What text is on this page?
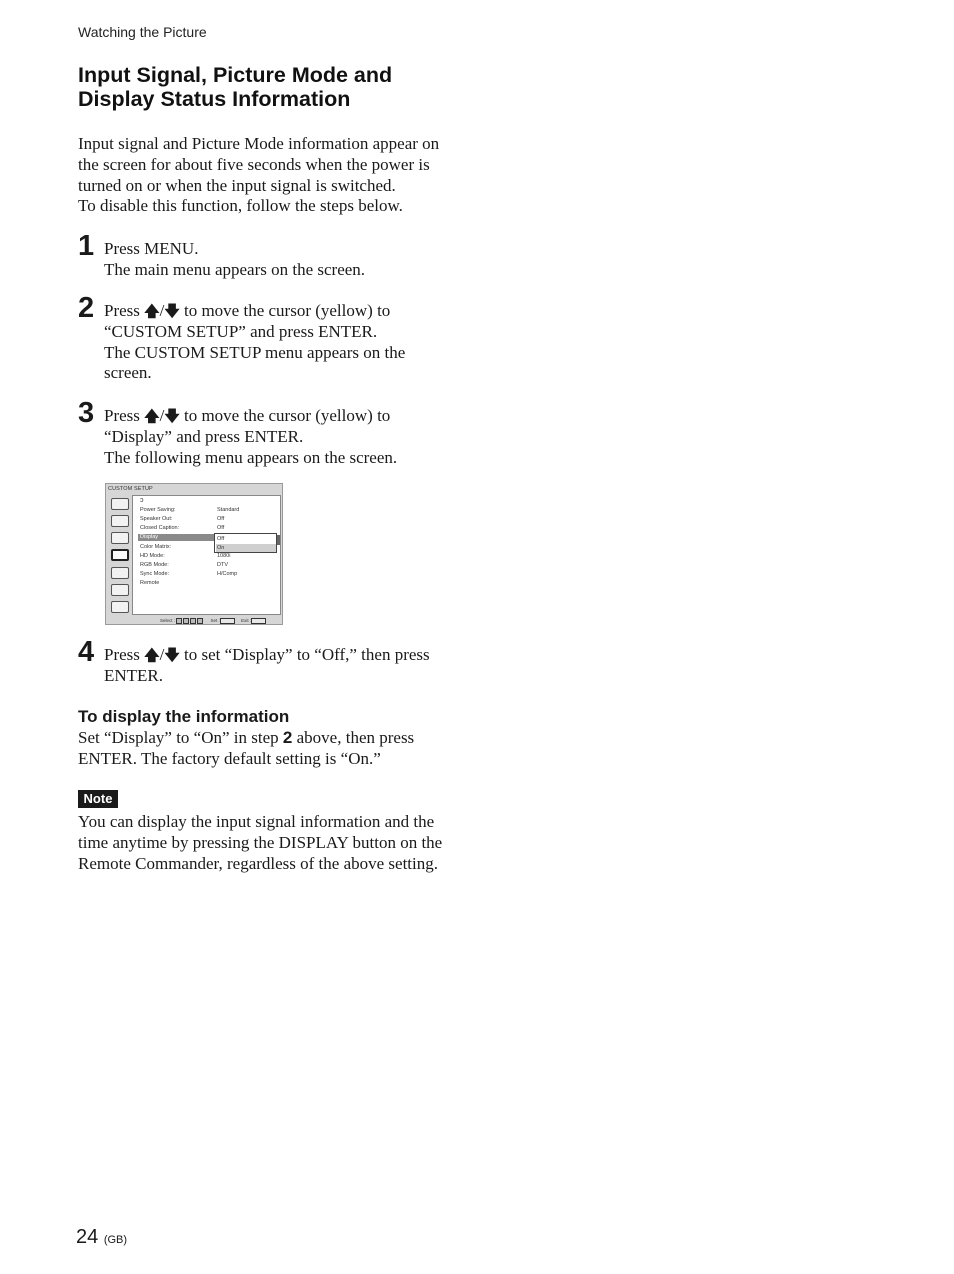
Watching the Picture
Input Signal, Picture Mode and
Display Status Information

Input signal and Picture Mode information appear on

the screen for about five seconds when the power is

turned on or when the input signal is switched.

To disable this function, follow the steps below.

1 Press MENU.

The main menu appears on the screen.

2 Press 🡅/🡇 to move the cursor (yellow) to

“CUSTOM SETUP” and press ENTER.

The CUSTOM SETUP menu appears on the

screen.

3 Press 🡅/🡇 to move the cursor (yellow) to

“Display” and press ENTER.

The following menu appears on the screen.

CUSTOM SETUP
ↄ
Power Saving:	Standard
Speaker Out:	Off
Closed Caption:	Off
Display
Color Matrix:
HD Mode:	1080i
RGB Mode:	DTV
Sync Mode:	H/Comp
Remote
Off
On
Select :	Set :	Exit :
4 Press 🡅/🡇 to set “Display” to “Off,” then press

ENTER.

To display the information

Set “Display” to “On” in step 2 above, then press

ENTER. The factory default setting is “On.”

Note

You can display the input signal information and the

time anytime by pressing the DISPLAY button on the

Remote Commander, regardless of the above setting.

24 (GB)
